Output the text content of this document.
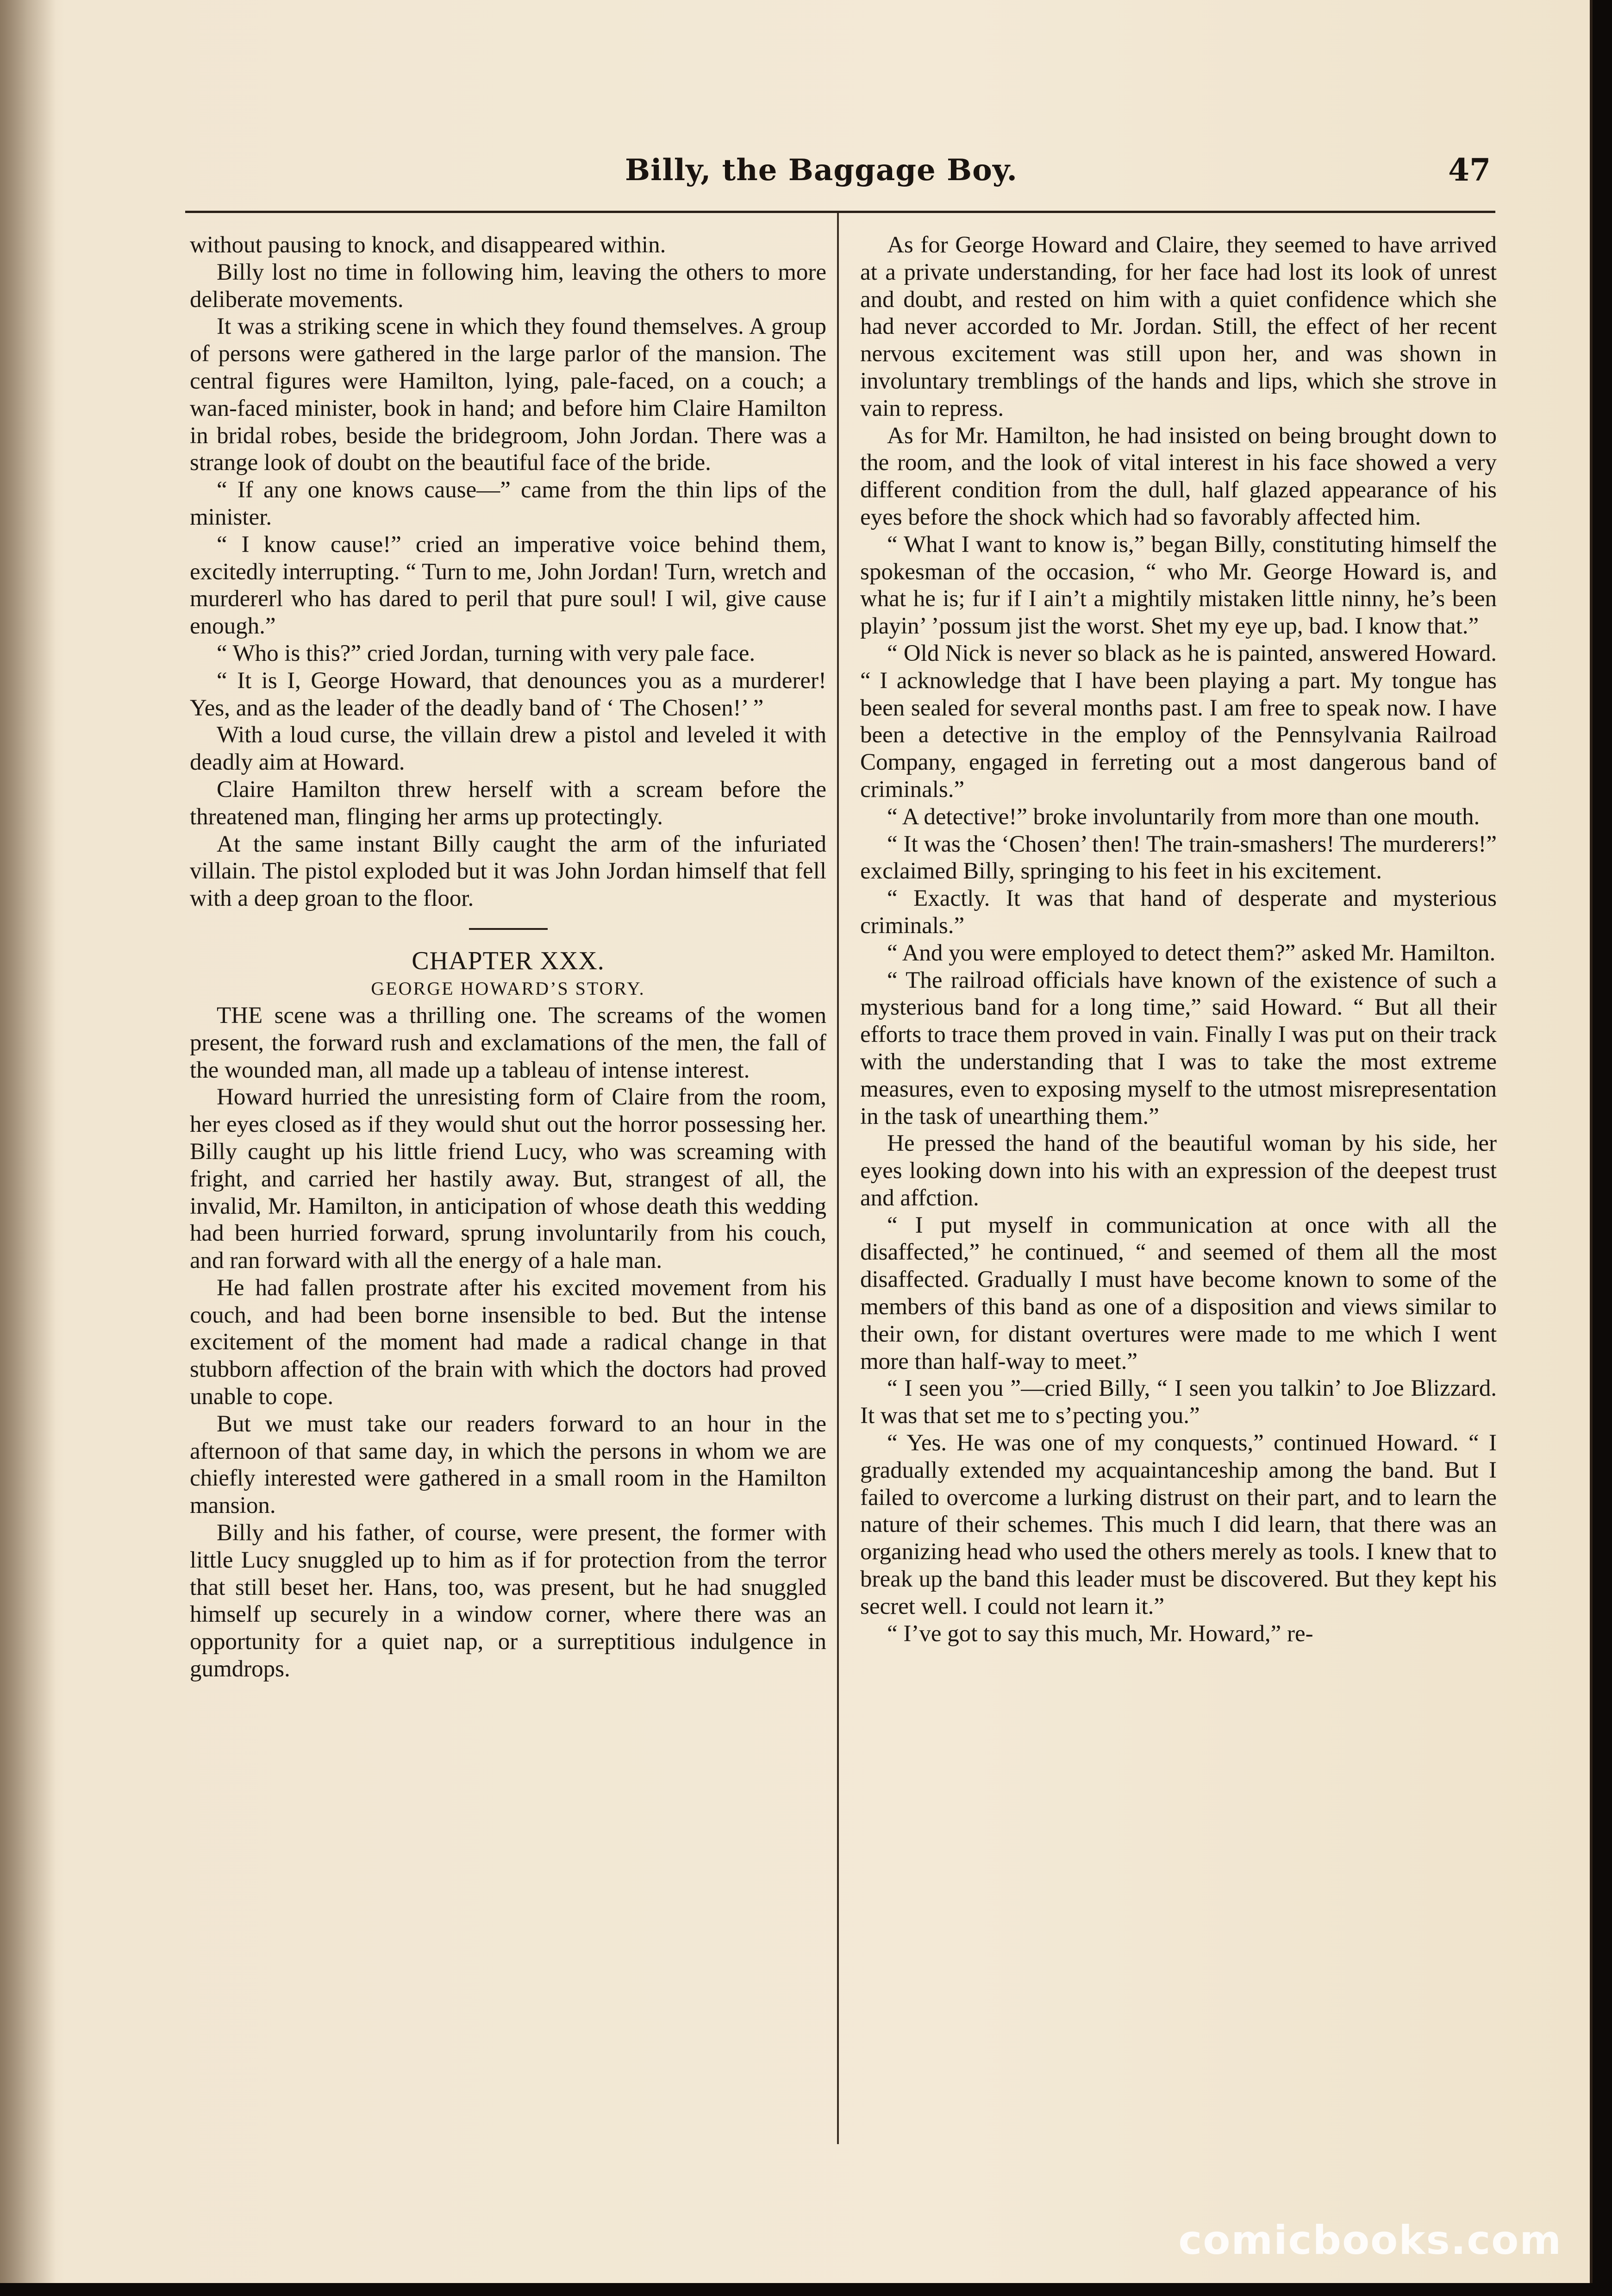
Billy, the Baggage Boy.	47

without pausing to knock, and disappeared within.

Billy lost no time in following him, leaving the others to more deliberate movements.

It was a striking scene in which they found themselves. A group of persons were gathered in the large parlor of the mansion. The central figures were Hamilton, lying, pale-faced, on a couch; a wan-faced minister, book in hand; and before him Claire Hamilton in bridal robes, beside the bridegroom, John Jordan. There was a strange look of doubt on the beautiful face of the bride.

“ If any one knows cause—” came from the thin lips of the minister.

“ I know cause!” cried an imperative voice behind them, excitedly interrupting. “ Turn to me, John Jordan! Turn, wretch and murdererl who has dared to peril that pure soul! I wil, give cause enough.”

“ Who is this?” cried Jordan, turning with very pale face.

“ It is I, George Howard, that denounces you as a murderer! Yes, and as the leader of the deadly band of ‘ The Chosen!’ ”

With a loud curse, the villain drew a pistol and leveled it with deadly aim at Howard.

Claire Hamilton threw herself with a scream before the threatened man, flinging her arms up protectingly.

At the same instant Billy caught the arm of the infuriated villain. The pistol exploded but it was John Jordan himself that fell with a deep groan to the floor.

CHAPTER XXX.

GEORGE HOWARD’S STORY.

THE scene was a thrilling one. The screams of the women present, the forward rush and exclamations of the men, the fall of the wounded man, all made up a tableau of intense interest.

Howard hurried the unresisting form of Claire from the room, her eyes closed as if they would shut out the horror possessing her. Billy caught up his little friend Lucy, who was screaming with fright, and carried her hastily away. But, strangest of all, the invalid, Mr. Hamilton, in anticipation of whose death this wedding had been hurried forward, sprung involuntarily from his couch, and ran forward with all the energy of a hale man.

He had fallen prostrate after his excited movement from his couch, and had been borne insensible to bed. But the intense excitement of the moment had made a radical change in that stubborn affection of the brain with which the doctors had proved unable to cope.

But we must take our readers forward to an hour in the afternoon of that same day, in which the persons in whom we are chiefly interested were gathered in a small room in the Hamilton mansion.

Billy and his father, of course, were present, the former with little Lucy snuggled up to him as if for protection from the terror that still beset her. Hans, too, was present, but he had snuggled himself up securely in a window corner, where there was an opportunity for a quiet nap, or a surreptitious indulgence in gumdrops.

As for George Howard and Claire, they seemed to have arrived at a private understanding, for her face had lost its look of unrest and doubt, and rested on him with a quiet confidence which she had never accorded to Mr. Jordan. Still, the effect of her recent nervous excitement was still upon her, and was shown in involuntary tremblings of the hands and lips, which she strove in vain to repress.

As for Mr. Hamilton, he had insisted on being brought down to the room, and the look of vital interest in his face showed a very different condition from the dull, half glazed appearance of his eyes before the shock which had so favorably affected him.

“ What I want to know is,” began Billy, constituting himself the spokesman of the occasion, “ who Mr. George Howard is, and what he is; fur if I ain’t a mightily mistaken little ninny, he’s been playin’ ’possum jist the worst. Shet my eye up, bad. I know that.”

“ Old Nick is never so black as he is painted, answered Howard. “ I acknowledge that I have been playing a part. My tongue has been sealed for several months past. I am free to speak now. I have been a detective in the employ of the Pennsylvania Railroad Company, engaged in ferreting out a most dangerous band of criminals.”

“ A detective!” broke involuntarily from more than one mouth.

“ It was the ‘Chosen’ then! The train-smashers! The murderers!” exclaimed Billy, springing to his feet in his excitement.

“ Exactly. It was that hand of desperate and mysterious criminals.”

“ And you were employed to detect them?” asked Mr. Hamilton.

“ The railroad officials have known of the existence of such a mysterious band for a long time,” said Howard. “ But all their efforts to trace them proved in vain. Finally I was put on their track with the understanding that I was to take the most extreme measures, even to exposing myself to the utmost misrepresentation in the task of unearthing them.”

He pressed the hand of the beautiful woman by his side, her eyes looking down into his with an expression of the deepest trust and affction.

“ I put myself in communication at once with all the disaffected,” he continued, “ and seemed of them all the most disaffected. Gradually I must have become known to some of the members of this band as one of a disposition and views similar to their own, for distant overtures were made to me which I went more than half-way to meet.”

“ I seen you ”—cried Billy, “ I seen you talkin’ to Joe Blizzard. It was that set me to s’pecting you.”

“ Yes. He was one of my conquests,” continued Howard. “ I gradually extended my acquaintanceship among the band. But I failed to overcome a lurking distrust on their part, and to learn the nature of their schemes. This much I did learn, that there was an organizing head who used the others merely as tools. I knew that to break up the band this leader must be discovered. But they kept his secret well. I could not learn it.”

“ I’ve got to say this much, Mr. Howard,” re-

comicbooks.com
